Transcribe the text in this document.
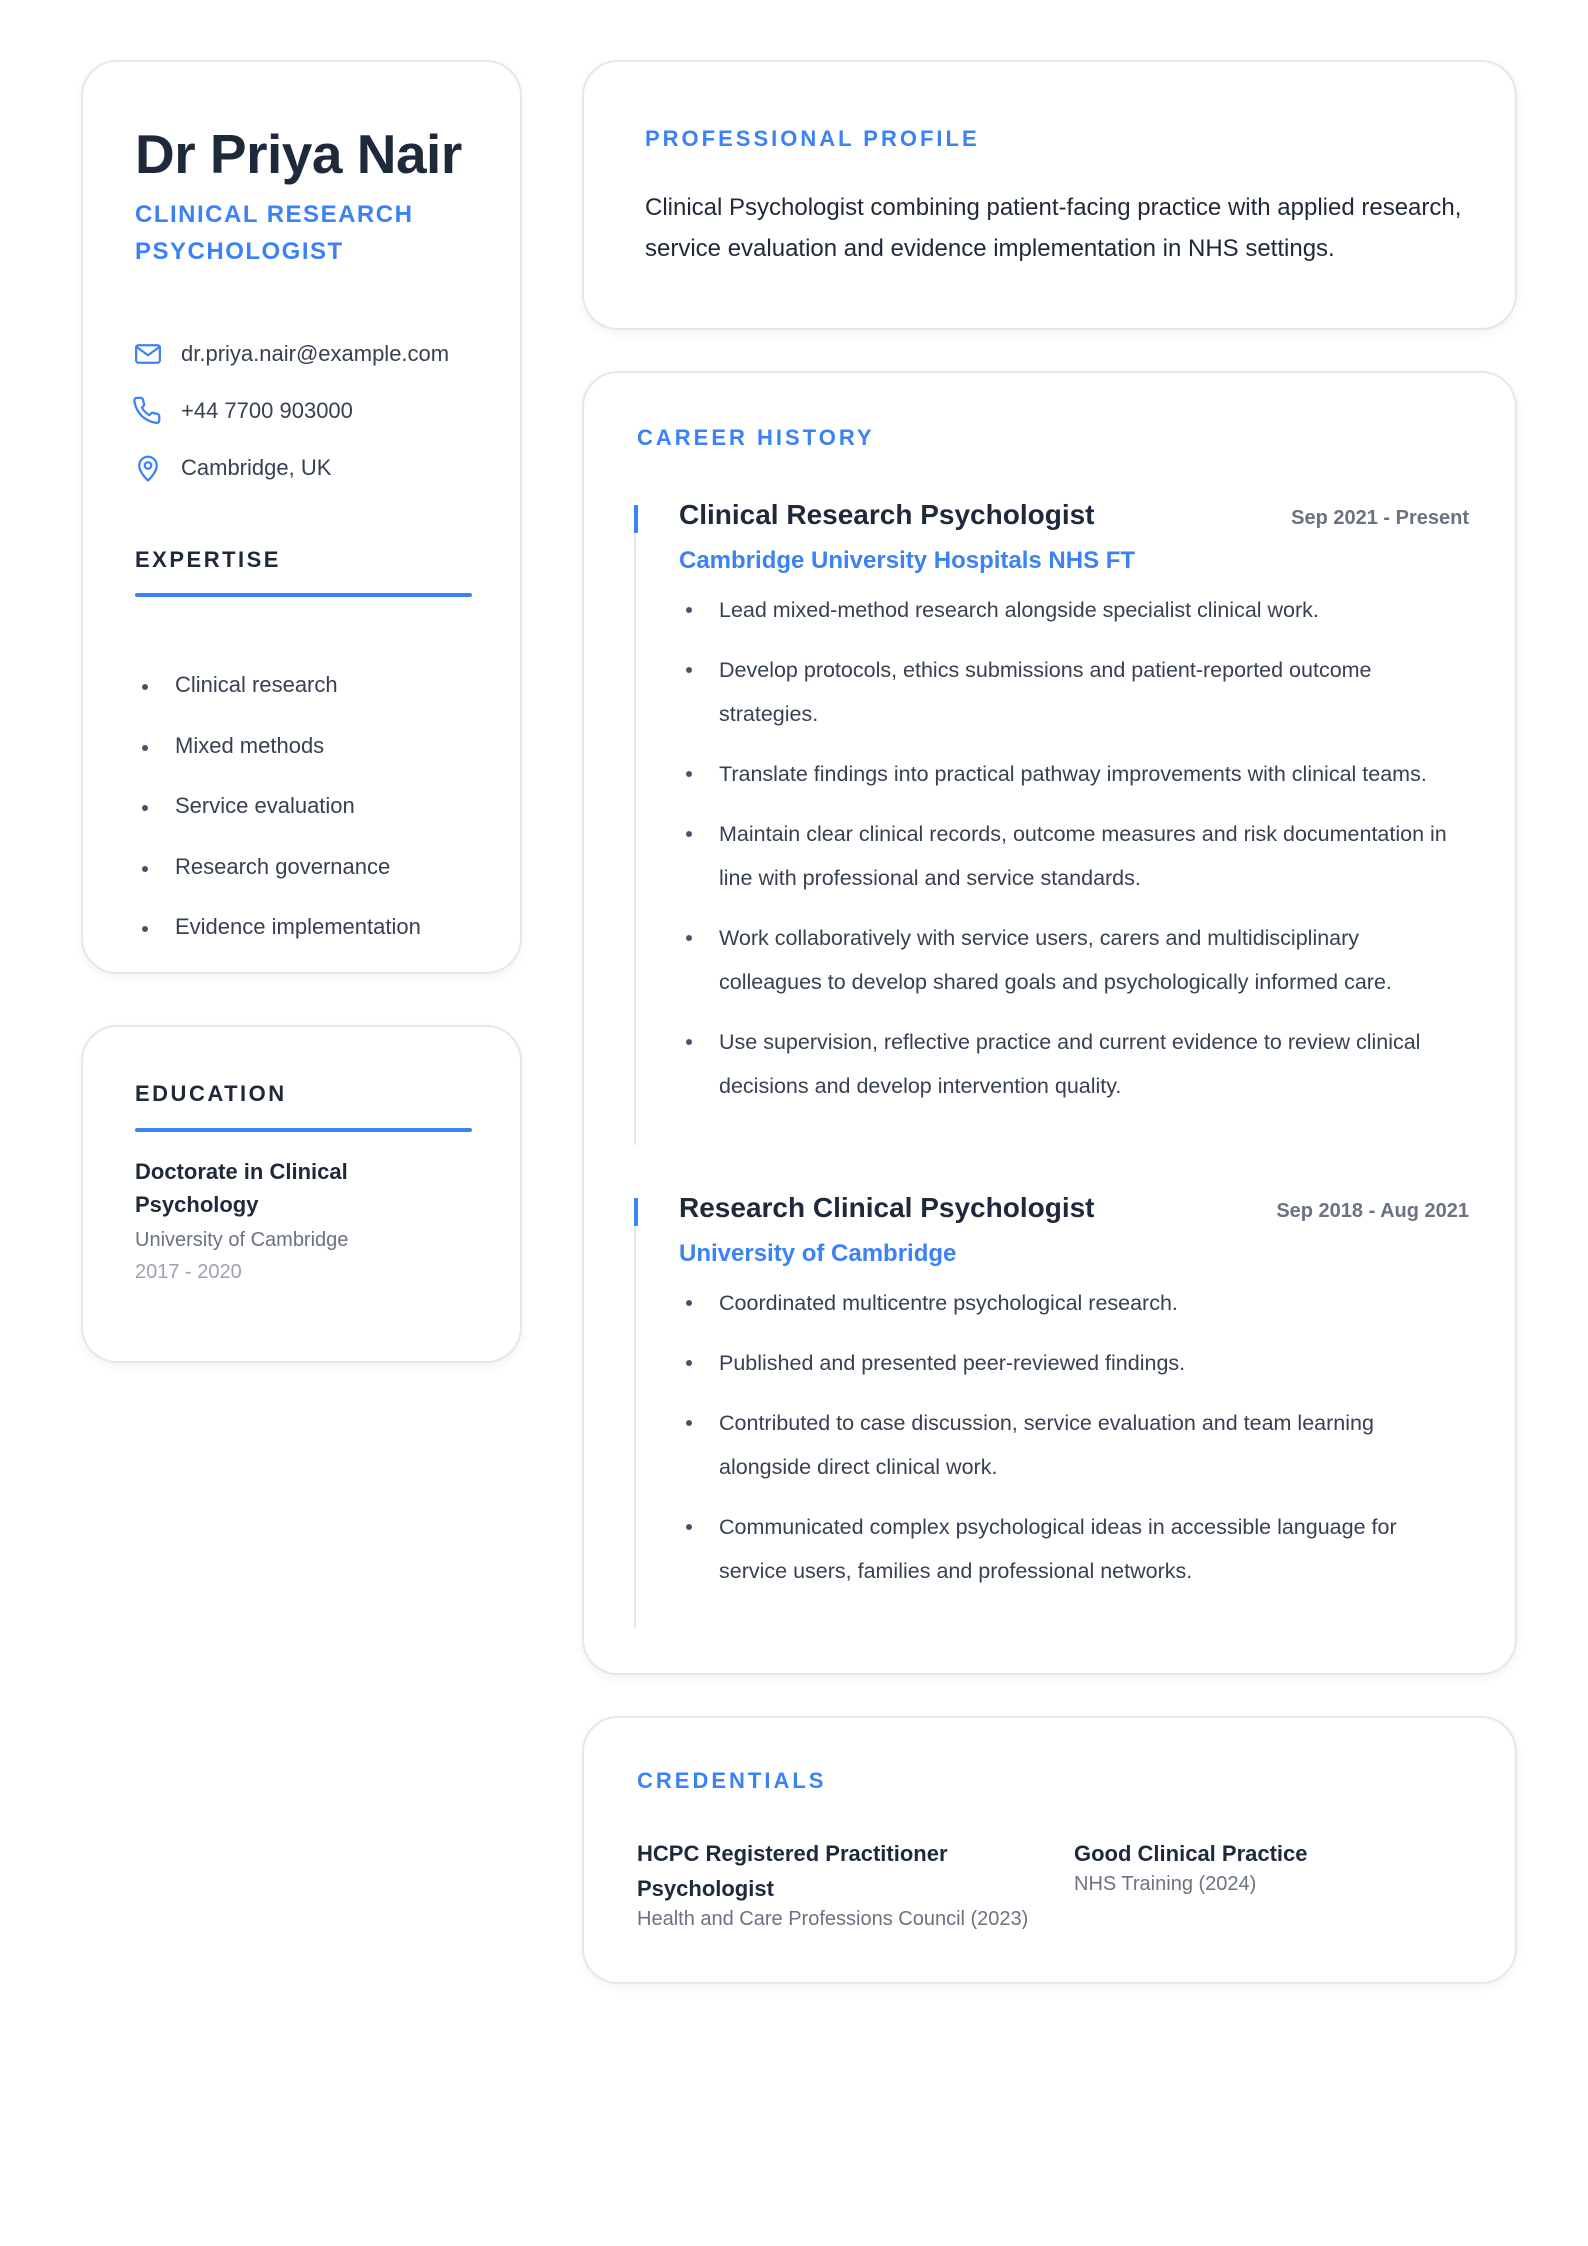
Dr Priya Nair
CLINICAL RESEARCH PSYCHOLOGIST
dr.priya.nair@example.com
+44 7700 903000
Cambridge, UK
EXPERTISE
Clinical research
Mixed methods
Service evaluation
Research governance
Evidence implementation
EDUCATION
Doctorate in Clinical Psychology
University of Cambridge
2017 - 2020
PROFESSIONAL PROFILE

Clinical Psychologist combining patient-facing practice with applied research, service evaluation and evidence implementation in NHS settings.

CAREER HISTORY
Clinical Research Psychologist	Sep 2021 - Present
Cambridge University Hospitals NHS FT
Lead mixed-method research alongside specialist clinical work.
Develop protocols, ethics submissions and patient-reported outcome strategies.
Translate findings into practical pathway improvements with clinical teams.
Maintain clear clinical records, outcome measures and risk documentation in line with professional and service standards.
Work collaboratively with service users, carers and multidisciplinary colleagues to develop shared goals and psychologically informed care.
Use supervision, reflective practice and current evidence to review clinical decisions and develop intervention quality.
Research Clinical Psychologist	Sep 2018 - Aug 2021
University of Cambridge
Coordinated multicentre psychological research.
Published and presented peer-reviewed findings.
Contributed to case discussion, service evaluation and team learning alongside direct clinical work.
Communicated complex psychological ideas in accessible language for service users, families and professional networks.
CREDENTIALS
HCPC Registered Practitioner Psychologist
Health and Care Professions Council (2023)
Good Clinical Practice
NHS Training (2024)
